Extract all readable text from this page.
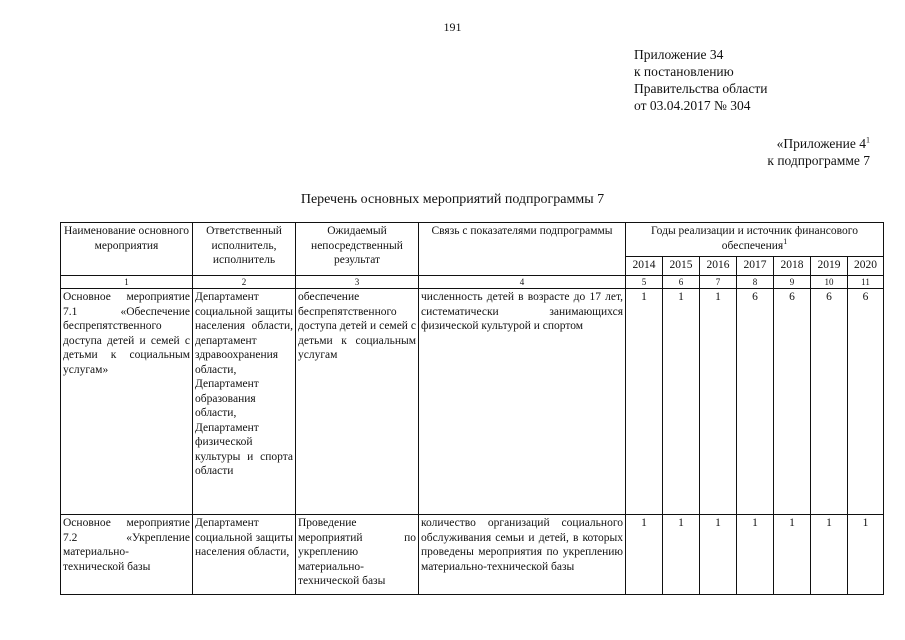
191
Приложение 34
к постановлению
Правительства области
от 03.04.2017 № 304
«Приложение $4^1$
к подпрограмме 7
Перечень основных мероприятий подпрограммы 7
Наименование основного мероприятия	Ответственный исполнитель, исполнитель	Ожидаемый непосредственный результат	Связь с показателями подпрограммы	Годы реализации и источник финансового обеспечения$^1$
				2014	2015	2016	2017	2018	2019	2020
1	2	3	4	5	6	7	8	9	10	11
Основное мероприятие 7.1 «Обеспечение беспрепятственного доступа детей и семей с детьми к социальным услугам»	Департамент социальной защиты населения области, департамент здравоохранения области, Департамент образования области, Департамент физической культуры и спорта области	обеспечение беспрепятственного доступа детей и семей с детьми к социальным услугам	численность детей в возрасте до 17 лет, систематически занимающихся физической культурой и спортом	1	1	1	6	6	6	6
Основное мероприятие 7.2 «Укрепление материально-технической базы	Департамент социальной защиты населения области,	Проведение мероприятий по укреплению материально-технической базы	количество организаций социального обслуживания семьи и детей, в которых проведены мероприятия по укреплению материально-технической базы	1	1	1	1	1	1	1
